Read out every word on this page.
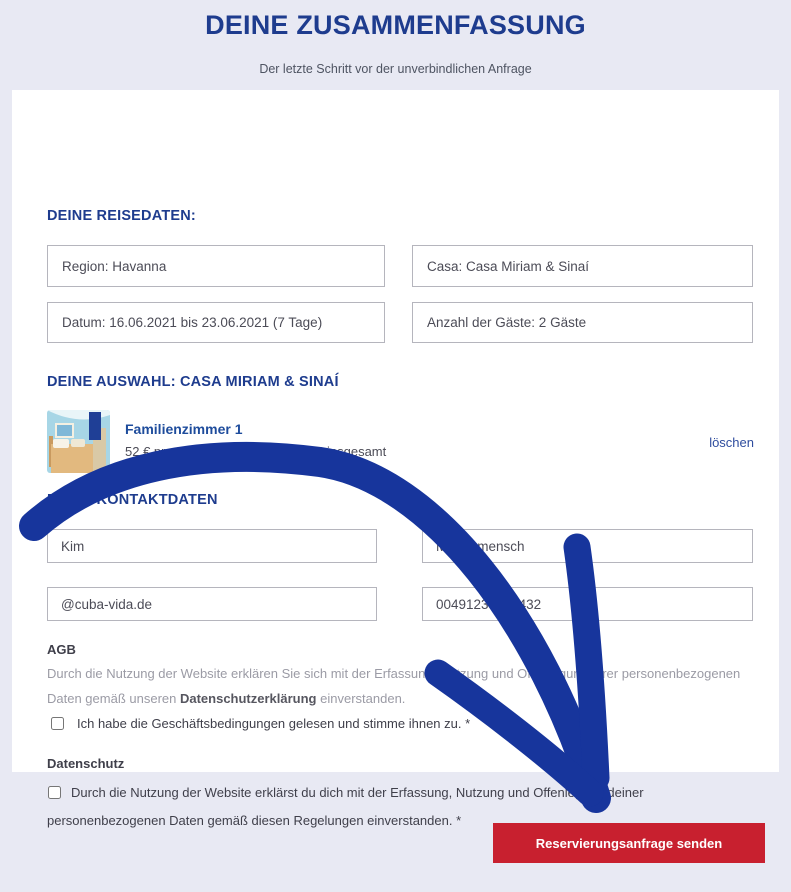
DEINE ZUSAMMENFASSUNG
Der letzte Schritt vor der unverbindlichen Anfrage
DEINE REISEDATEN:
Region: Havanna	Casa: Casa Miriam & Sinaí
Datum: 16.06.2021 bis 23.06.2021 (7 Tage)	Anzahl der Gäste: 2 Gäste
DEINE AUSWAHL: CASA MIRIAM & SINAÍ
Familienzimmer 1
52 € pro Nacht x 7 Nächte = 364 € insgesamt
löschen
DEINE KONTAKTDATEN
Kim
Mustermensch
@cuba-vida.de
00491234123432
AGB
Durch die Nutzung der Website erklären Sie sich mit der Erfassung, Nutzung und Offenlegung Ihrer personenbezogenen Daten gemäß unseren Datenschutzerklärung einverstanden.
Ich habe die Geschäftsbedingungen gelesen und stimme ihnen zu. *
Datenschutz
Durch die Nutzung der Website erklärst du dich mit der Erfassung, Nutzung und Offenlegung deiner personenbezogenen Daten gemäß diesen Regelungen einverstanden. *
Reservierungsanfrage senden
